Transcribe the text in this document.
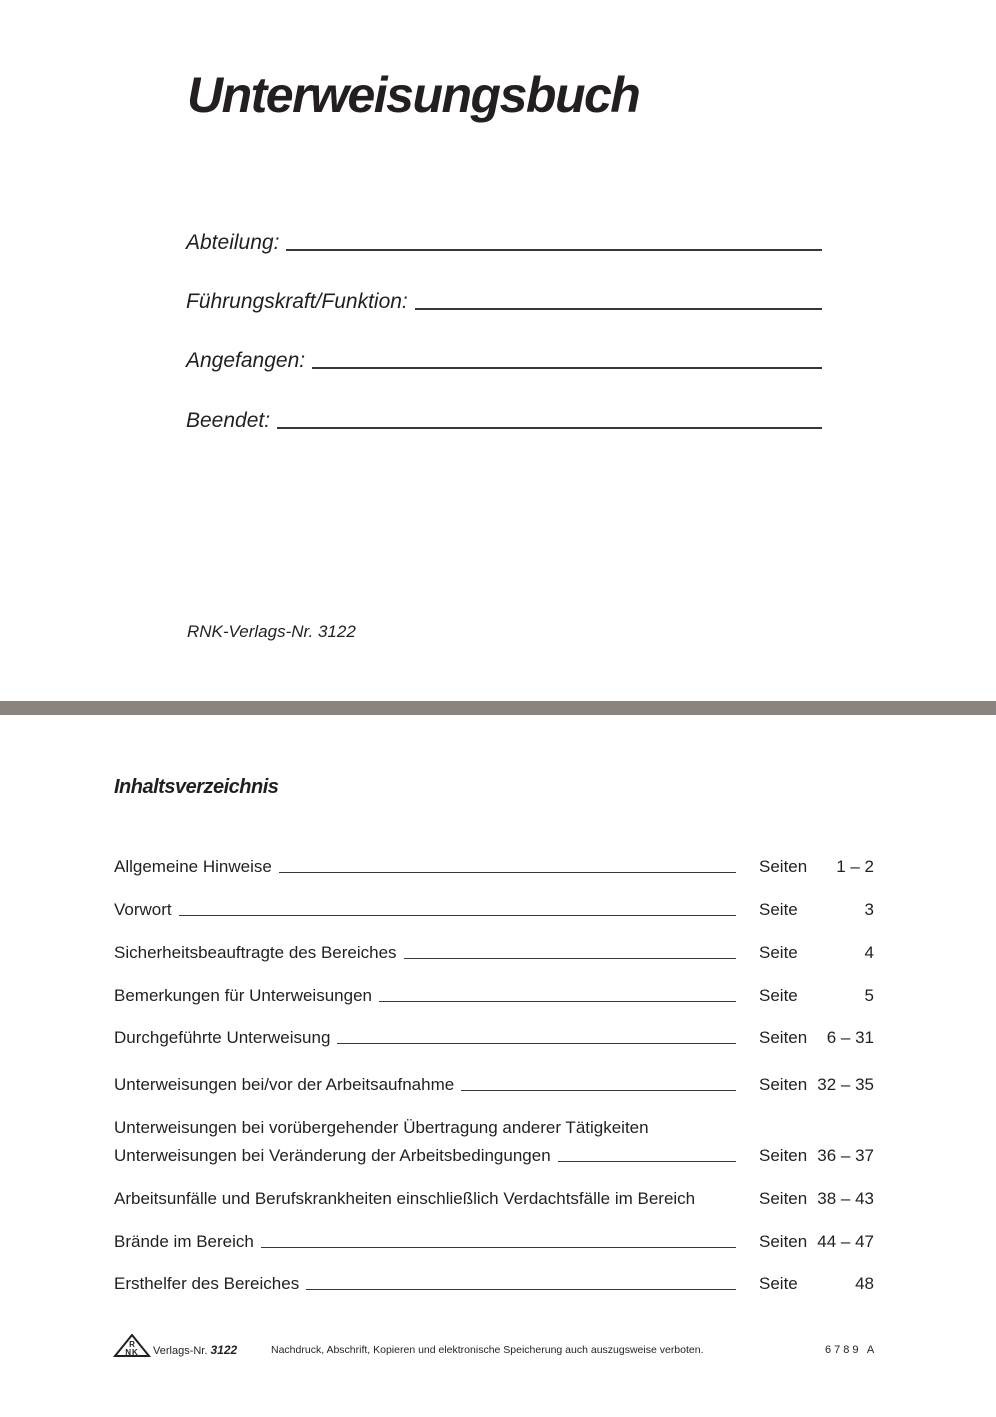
Unterweisungsbuch
Abteilung:
Führungskraft/Funktion:
Angefangen:
Beendet:
RNK-Verlags-Nr. 3122
Inhaltsverzeichnis
Allgemeine Hinweise	Seiten 1 – 2
Vorwort	Seite	3
Sicherheitsbeauftragte des Bereiches	Seite	4
Bemerkungen für Unterweisungen	Seite	5
Durchgeführte Unterweisung	Seiten 6 – 31
Unterweisungen bei/vor der Arbeitsaufnahme	Seiten 32 – 35
Unterweisungen bei vorübergehender Übertragung anderer Tätigkeiten
Unterweisungen bei Veränderung der Arbeitsbedingungen	Seiten 36 – 37
Arbeitsunfälle und Berufskrankheiten einschließlich Verdachtsfälle im Bereich	Seiten 38 – 43
Brände im Bereich	Seiten 44 – 47
Ersthelfer des Bereiches	Seite	48
R
NK Verlags-Nr. 3122	Nachdruck, Abschrift, Kopieren und elektronische Speicherung auch auszugsweise verboten.	6789 A
